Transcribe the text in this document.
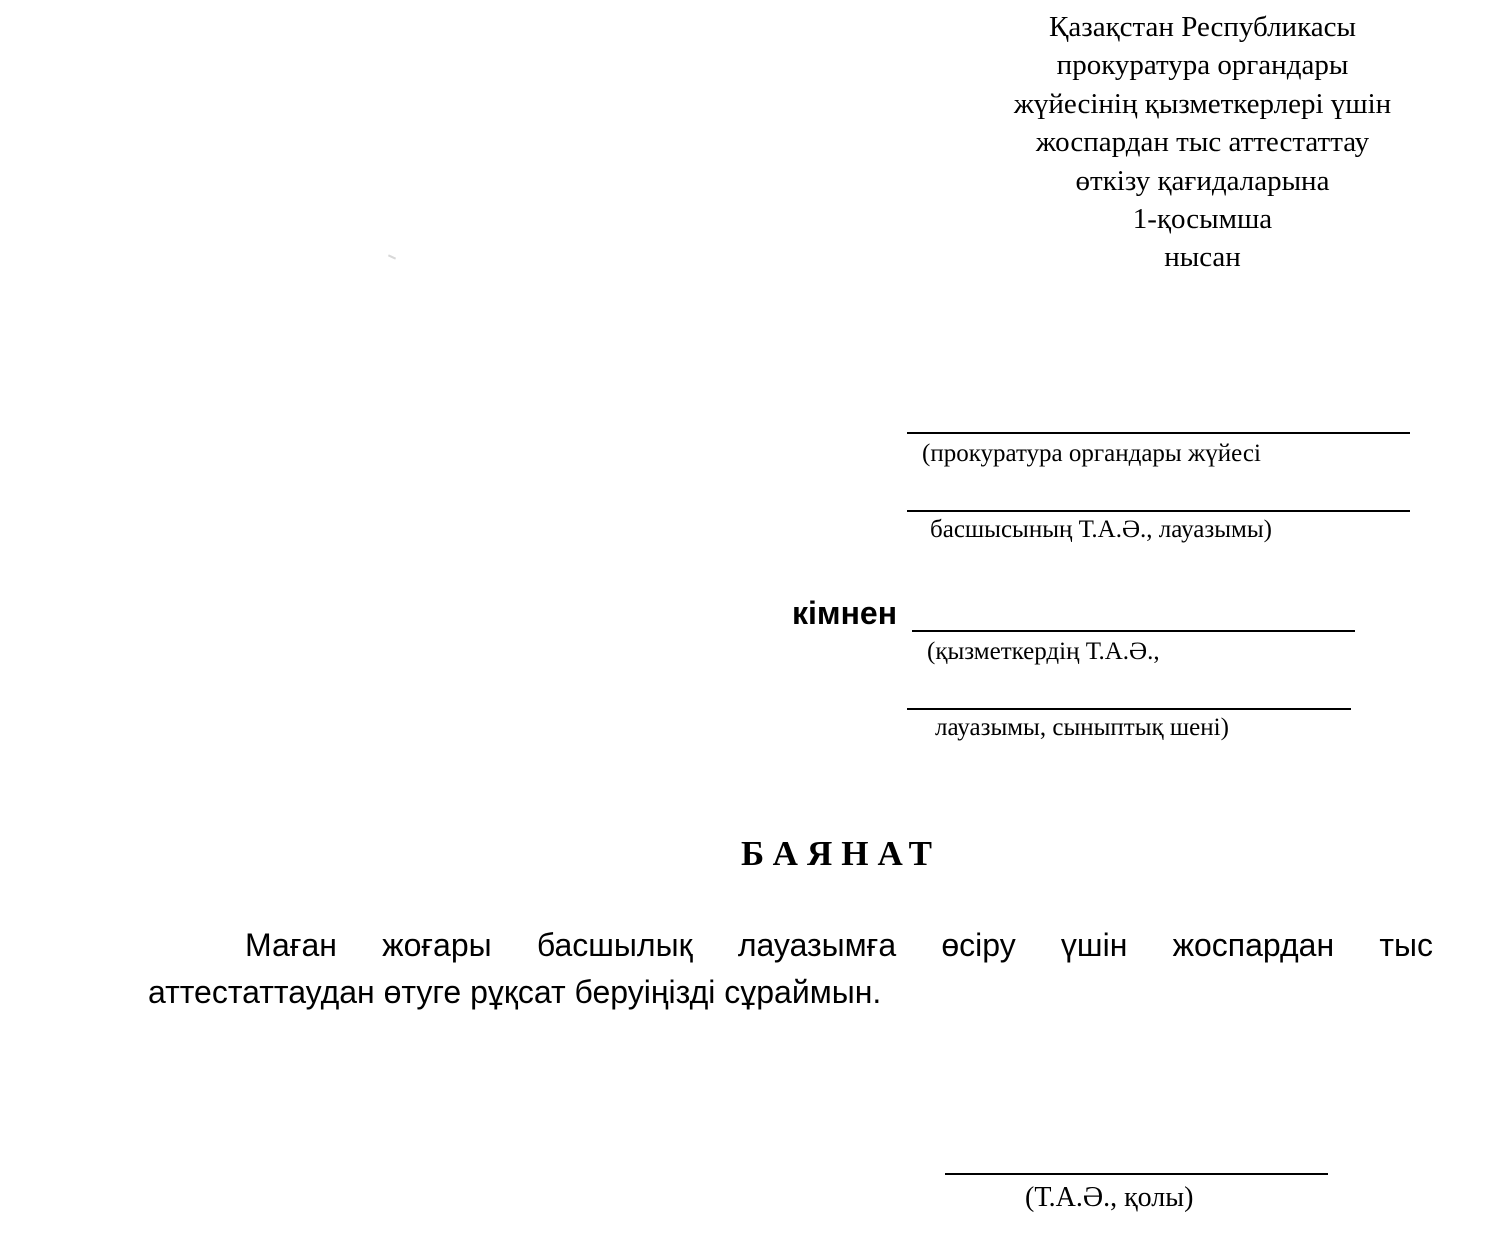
Қазақстан Республикасы
прокуратура органдары
жүйесінің қызметкерлері үшін
жоспардан тыс аттестаттау
өткізу қағидаларына
1-қосымша
нысан
(прокуратура органдары жүйесі
басшысының Т.А.Ә., лауазымы)
кімнен
(қызметкердің Т.А.Ә.,
лауазымы, сыныптық шені)
БАЯНАТ
Маған жоғары басшылық лауазымға өсіру үшін жоспардан тыс
аттестаттаудан өтуге рұқсат беруіңізді сұраймын.
(Т.А.Ә., қолы)
